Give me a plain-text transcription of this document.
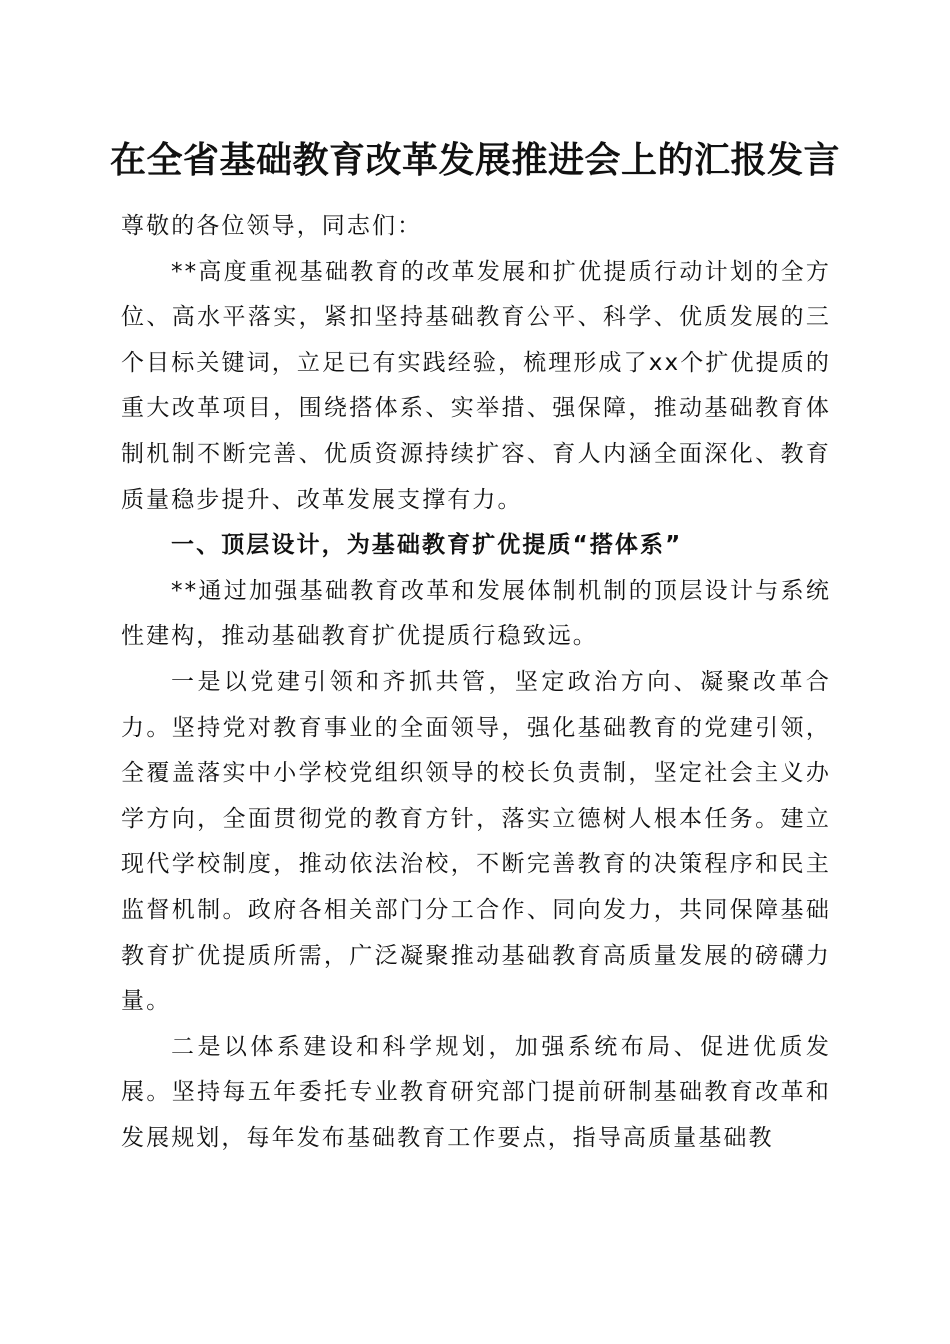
在全省基础教育改革发展推进会上的汇报发言

尊敬的各位领导，同志们：

**高度重视基础教育的改革发展和扩优提质行动计划的全方位、高水平落实，紧扣坚持基础教育公平、科学、优质发展的三个目标关键词，立足已有实践经验，梳理形成了xx个扩优提质的重大改革项目，围绕搭体系、实举措、强保障，推动基础教育体制机制不断完善、优质资源持续扩容、育人内涵全面深化、教育质量稳步提升、改革发展支撑有力。

一、顶层设计，为基础教育扩优提质“搭体系”

**通过加强基础教育改革和发展体制机制的顶层设计与系统性建构，推动基础教育扩优提质行稳致远。

一是以党建引领和齐抓共管，坚定政治方向、凝聚改革合力。坚持党对教育事业的全面领导，强化基础教育的党建引领，全覆盖落实中小学校党组织领导的校长负责制，坚定社会主义办学方向，全面贯彻党的教育方针，落实立德树人根本任务。建立现代学校制度，推动依法治校，不断完善教育的决策程序和民主监督机制。政府各相关部门分工合作、同向发力，共同保障基础教育扩优提质所需，广泛凝聚推动基础教育高质量发展的磅礴力量。

二是以体系建设和科学规划，加强系统布局、促进优质发展。坚持每五年委托专业教育研究部门提前研制基础教育改革和发展规划，每年发布基础教育工作要点，指导高质量基础教
